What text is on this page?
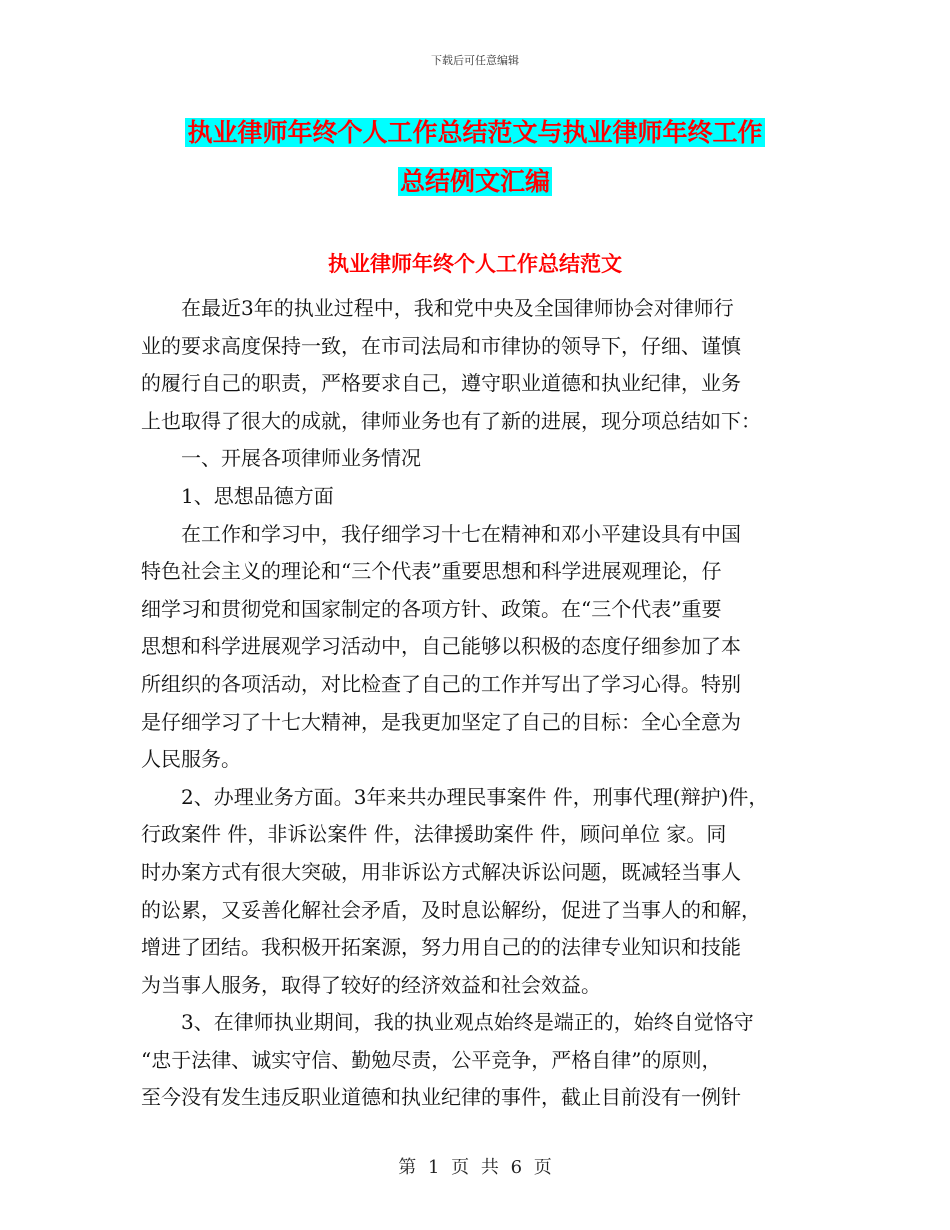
下载后可任意编辑
执业律师年终个人工作总结范文与执业律师年终工作
总结例文汇编
执业律师年终个人工作总结范文
　　在最近3年的执业过程中，我和党中央及全国律师协会对律师行
业的要求高度保持一致，在市司法局和市律协的领导下，仔细、谨慎
的履行自己的职责，严格要求自己，遵守职业道德和执业纪律，业务
上也取得了很大的成就，律师业务也有了新的进展，现分项总结如下：
　　一、开展各项律师业务情况
　　1、思想品德方面
　　在工作和学习中，我仔细学习十七在精神和邓小平建设具有中国
特色社会主义的理论和“三个代表”重要思想和科学进展观理论，仔
细学习和贯彻党和国家制定的各项方针、政策。在“三个代表”重要
思想和科学进展观学习活动中，自己能够以积极的态度仔细参加了本
所组织的各项活动，对比检查了自己的工作并写出了学习心得。特别
是仔细学习了十七大精神，是我更加坚定了自己的目标：全心全意为
人民服务。
　　2、办理业务方面。3年来共办理民事案件 件，刑事代理(辩护)件，
行政案件 件，非诉讼案件 件，法律援助案件 件，顾问单位 家。同
时办案方式有很大突破，用非诉讼方式解决诉讼问题，既减轻当事人
的讼累，又妥善化解社会矛盾，及时息讼解纷，促进了当事人的和解，
增进了团结。我积极开拓案源，努力用自己的的法律专业知识和技能
为当事人服务，取得了较好的经济效益和社会效益。
　　3、在律师执业期间，我的执业观点始终是端正的，始终自觉恪守
“忠于法律、诚实守信、勤勉尽责，公平竞争，严格自律”的原则，
至今没有发生违反职业道德和执业纪律的事件，截止目前没有一例针
第 1 页 共 6 页
